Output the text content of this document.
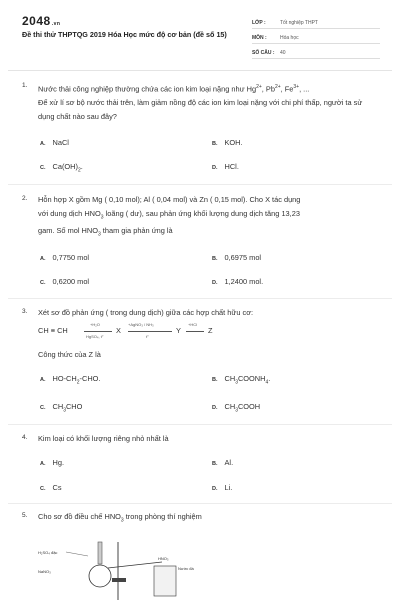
2048.vn
Đề thi thử THPTQG 2019 Hóa Học mức độ cơ bản (đề số 15)
LỚP :	Tốt nghiệp THPT
MÔN :	Hóa học
SỐ CÂU :	40
1. Nước thải công nghiệp thường chứa các ion kim loại nặng như $Hg^{2+}$, $Pb^{2+}$, $Fe^{3+}$, ...
Để xử lí sơ bộ nước thải trên, làm giảm nồng độ các ion kim loại nặng với chi phí thấp, người ta sử dụng chất nào sau đây?
A. NaCl	B. KOH.
C. $Ca(OH)_2$.	D. HCl.
2. Hỗn hợp X gồm Mg ( 0,10 mol); Al ( 0,04 mol) và Zn ( 0,15 mol). Cho X tác dụng
với dung dịch $HNO_3$ loãng ( dư), sau phản ứng khối lượng dung dịch tăng 13,23
gam. Số mol $HNO_3$ tham gia phản ứng là
A. 0,7750 mol	B. 0,6975 mol
C. 0,6200 mol	D. 1,2400 mol.
3. Xét sơ đồ phản ứng ( trong dung dịch) giữa các hợp chất hữu cơ:
CH ≡ CH
+H₂O
HgSO₄, t°
X
+AgNO₃ / NH₃
t°
Y
+HCl
Z
Công thức của Z là
A. $HO-CH_2$-CHO.	B. $CH_3COONH_4$.
C. $CH_3CHO$	D. $CH_3COOH$
4. Kim loại có khối lượng riêng nhỏ nhất là
A. Hg.	B. Al.
C. Cs	D. Li.
5. Cho sơ đồ điều chế $HNO_3$ trong phòng thí nghiệm
H₂SO₄ đặc
NaNO₃
HNO₃
Nước đá
